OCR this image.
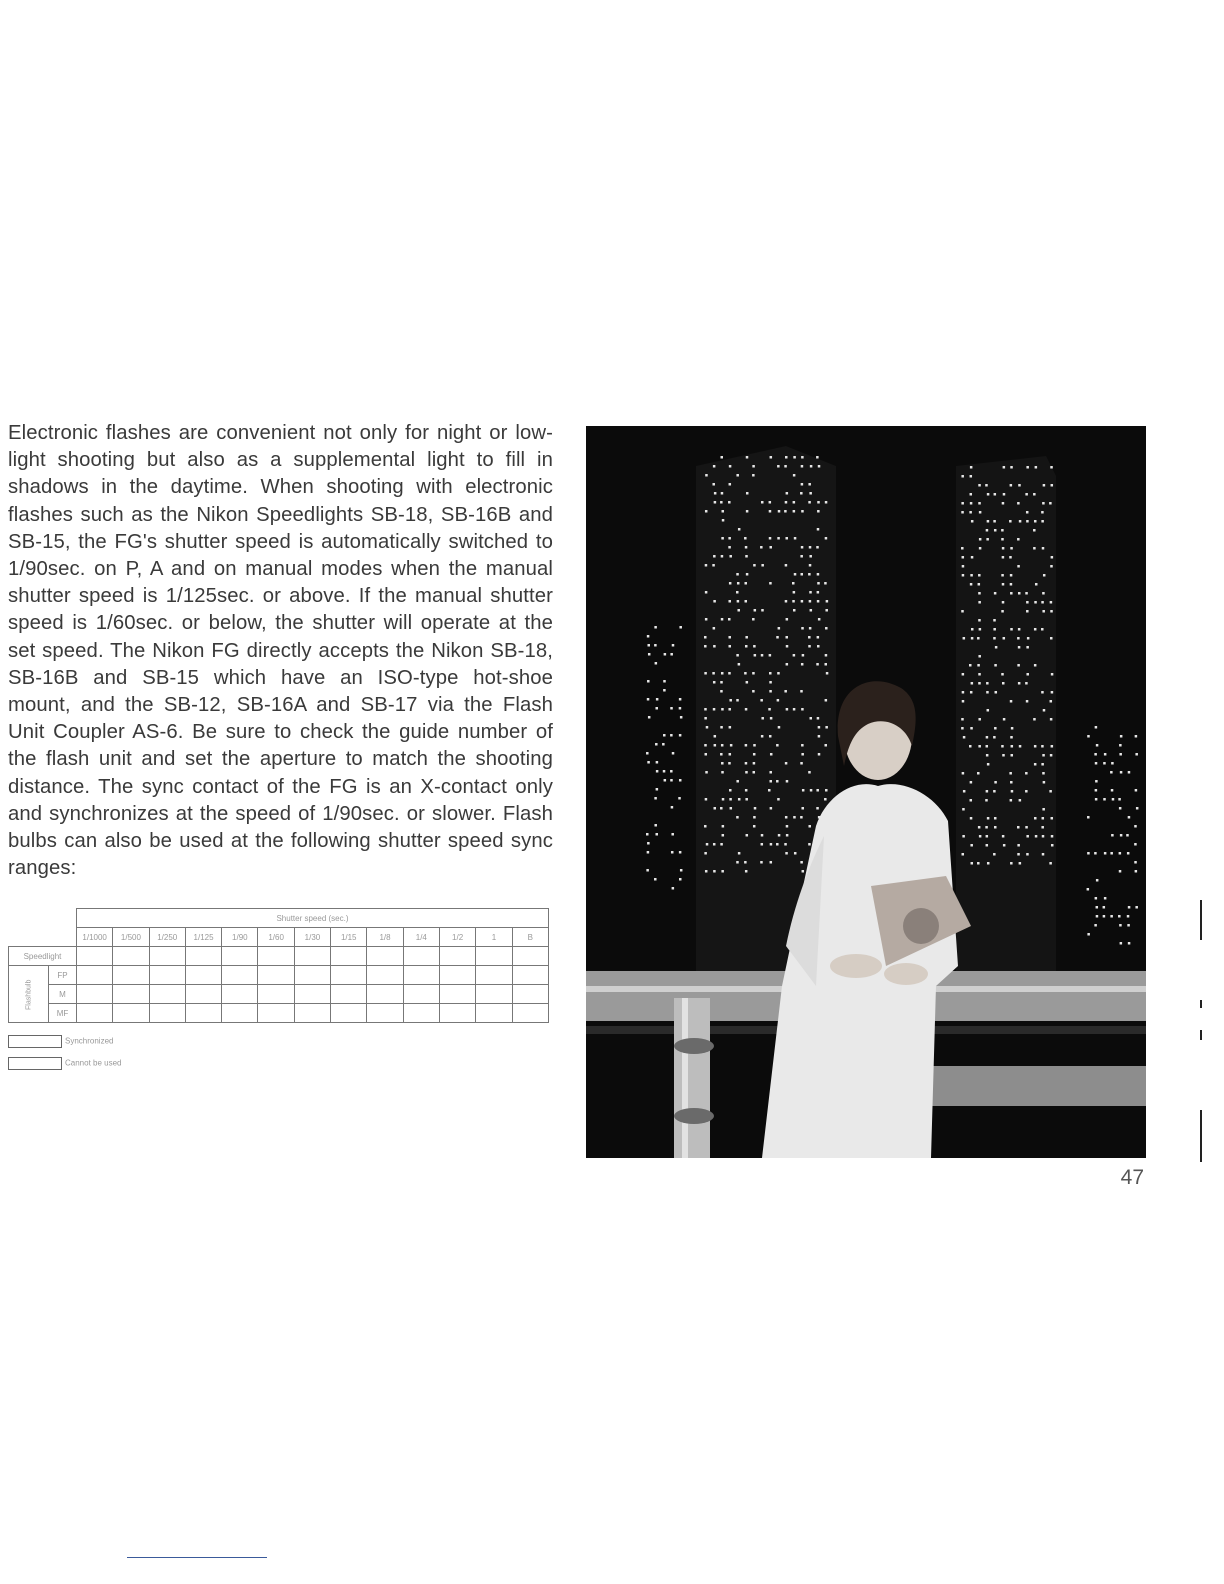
Electronic flashes are convenient not only for night or low-light shooting but also as a supplemental light to fill in shadows in the daytime. When shooting with electronic flashes such as the Nikon Speedlights SB-18, SB-16B and SB-15, the FG's shutter speed is automatically switched to 1/90sec. on P, A and on manual modes when the manual shutter speed is 1/125sec. or above. If the manual shutter speed is 1/60sec. or below, the shutter will operate at the set speed. The Nikon FG directly accepts the Nikon SB-18, SB-16B and SB-15 which have an ISO-type hot-shoe mount, and the SB-12, SB-16A and SB-17 via the Flash Unit Coupler AS-6. Be sure to check the guide number of the flash unit and set the aperture to match the shooting distance. The sync contact of the FG is an X-contact only and synchronizes at the speed of 1/90sec. or slower. Flash bulbs can also be used at the following shutter speed sync ranges:

		Shutter speed (sec.)												
		1/1000	1/500	1/250	1/125	1/90	1/60	1/30	1/15	1/8	1/4	1/2	1	B
Speedlight														
Flashbulb	FP													
	M													
	MF													
Synchronized
Cannot be used
47
